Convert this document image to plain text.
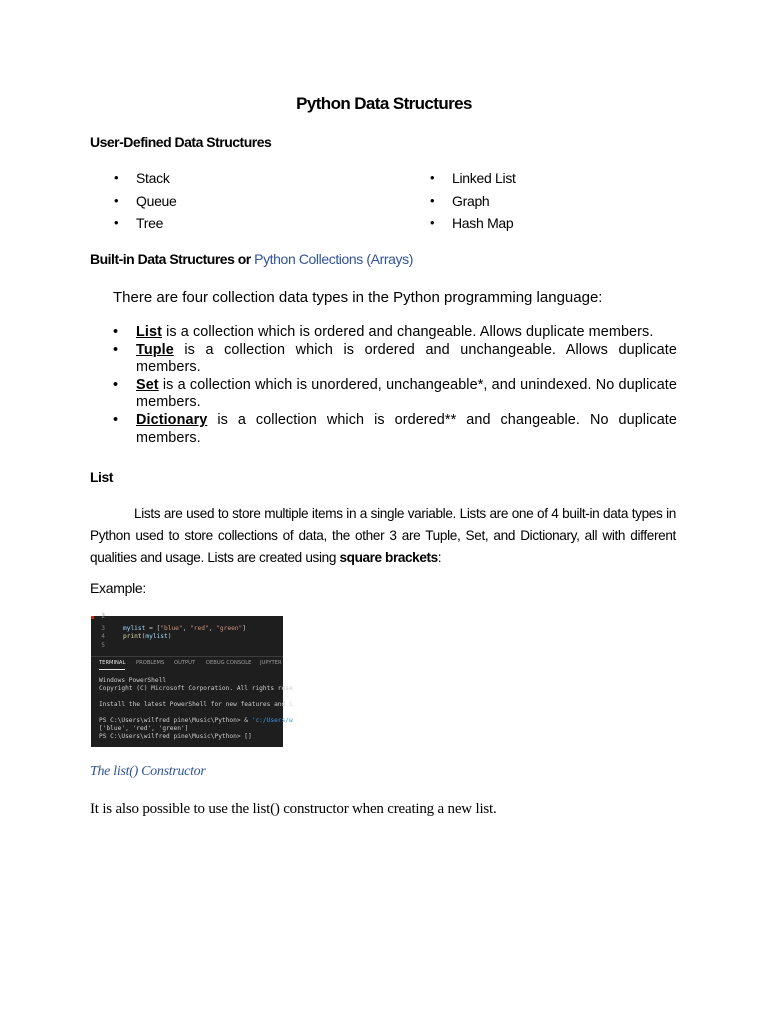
Python Data Structures
User-Defined Data Structures
• Stack
• Queue
• Tree
• Linked List
• Graph
• Hash Map
Built-in Data Structures or Python Collections (Arrays)
There are four collection data types in the Python programming language:
• List is a collection which is ordered and changeable. Allows duplicate members.
• Tuple is a collection which is ordered and unchangeable. Allows duplicate members.
• Set is a collection which is unordered, unchangeable*, and unindexed. No duplicate members.
• Dictionary is a collection which is ordered** and changeable. No duplicate members.
List
Lists are used to store multiple items in a single variable. Lists are one of 4 built-in data types in Python used to store collections of data, the other 3 are Tuple, Set, and Dictionary, all with different qualities and usage. Lists are created using square brackets:
Example:
2
3
4
5
mylist = ["blue", "red", "green"]
print(mylist)
TERMINAL PROBLEMS OUTPUT DEBUG CONSOLE JUPYTER
Windows PowerShell
Copyright (C) Microsoft Corporation. All rights rese
Install the latest PowerShell for new features and i
PS C:\Users\wilfred pine\Music\Python> & 'c:/Users/w
['blue', 'red', 'green']
PS C:\Users\wilfred pine\Music\Python> []
The list() Constructor
It is also possible to use the list() constructor when creating a new list.
